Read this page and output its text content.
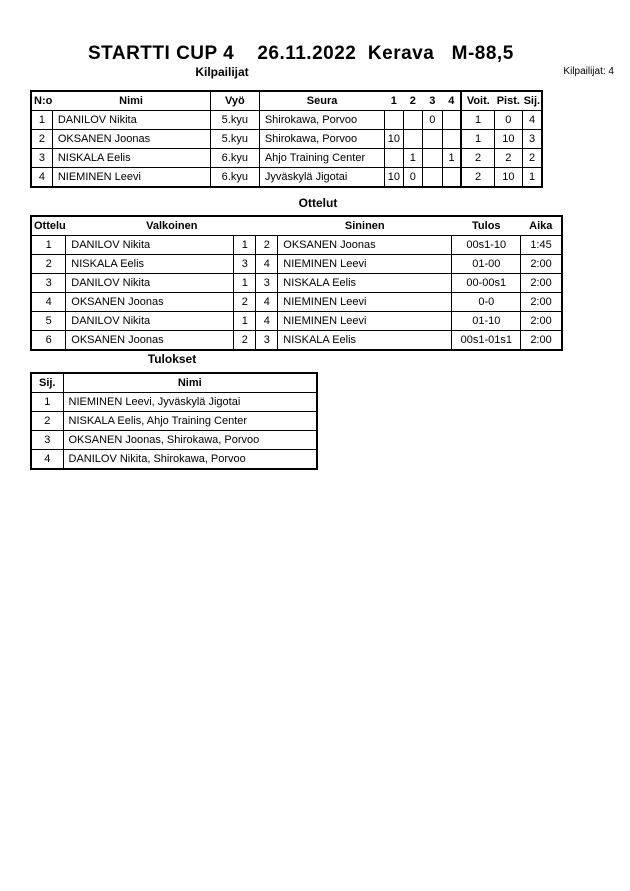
STARTTI CUP 4    26.11.2022  Kerava   M-88,5
Kilpailijat	Kilpailijat: 4
N:o	Nimi	Vyö	Seura	1	2	3	4	Voit.	Pist.	Sij.
1	DANILOV Nikita	5.kyu	Shirokawa, Porvoo			0		1	0	4
2	OKSANEN Joonas	5.kyu	Shirokawa, Porvoo	10				1	10	3
3	NISKALA Eelis	6.kyu	Ahjo Training Center		1		1	2	2	2
4	NIEMINEN Leevi	6.kyu	Jyväskylä Jigotai	10	0			2	10	1
Ottelut
Ottelu	Valkoinen			Sininen	Tulos	Aika
1	DANILOV Nikita	1	2	OKSANEN Joonas	00s1-10	1:45
2	NISKALA Eelis	3	4	NIEMINEN Leevi	01-00	2:00
3	DANILOV Nikita	1	3	NISKALA Eelis	00-00s1	2:00
4	OKSANEN Joonas	2	4	NIEMINEN Leevi	0-0	2:00
5	DANILOV Nikita	1	4	NIEMINEN Leevi	01-10	2:00
6	OKSANEN Joonas	2	3	NISKALA Eelis	00s1-01s1	2:00
Tulokset
Sij.	Nimi
1	NIEMINEN Leevi, Jyväskylä Jigotai
2	NISKALA Eelis, Ahjo Training Center
3	OKSANEN Joonas, Shirokawa, Porvoo
4	DANILOV Nikita, Shirokawa, Porvoo
